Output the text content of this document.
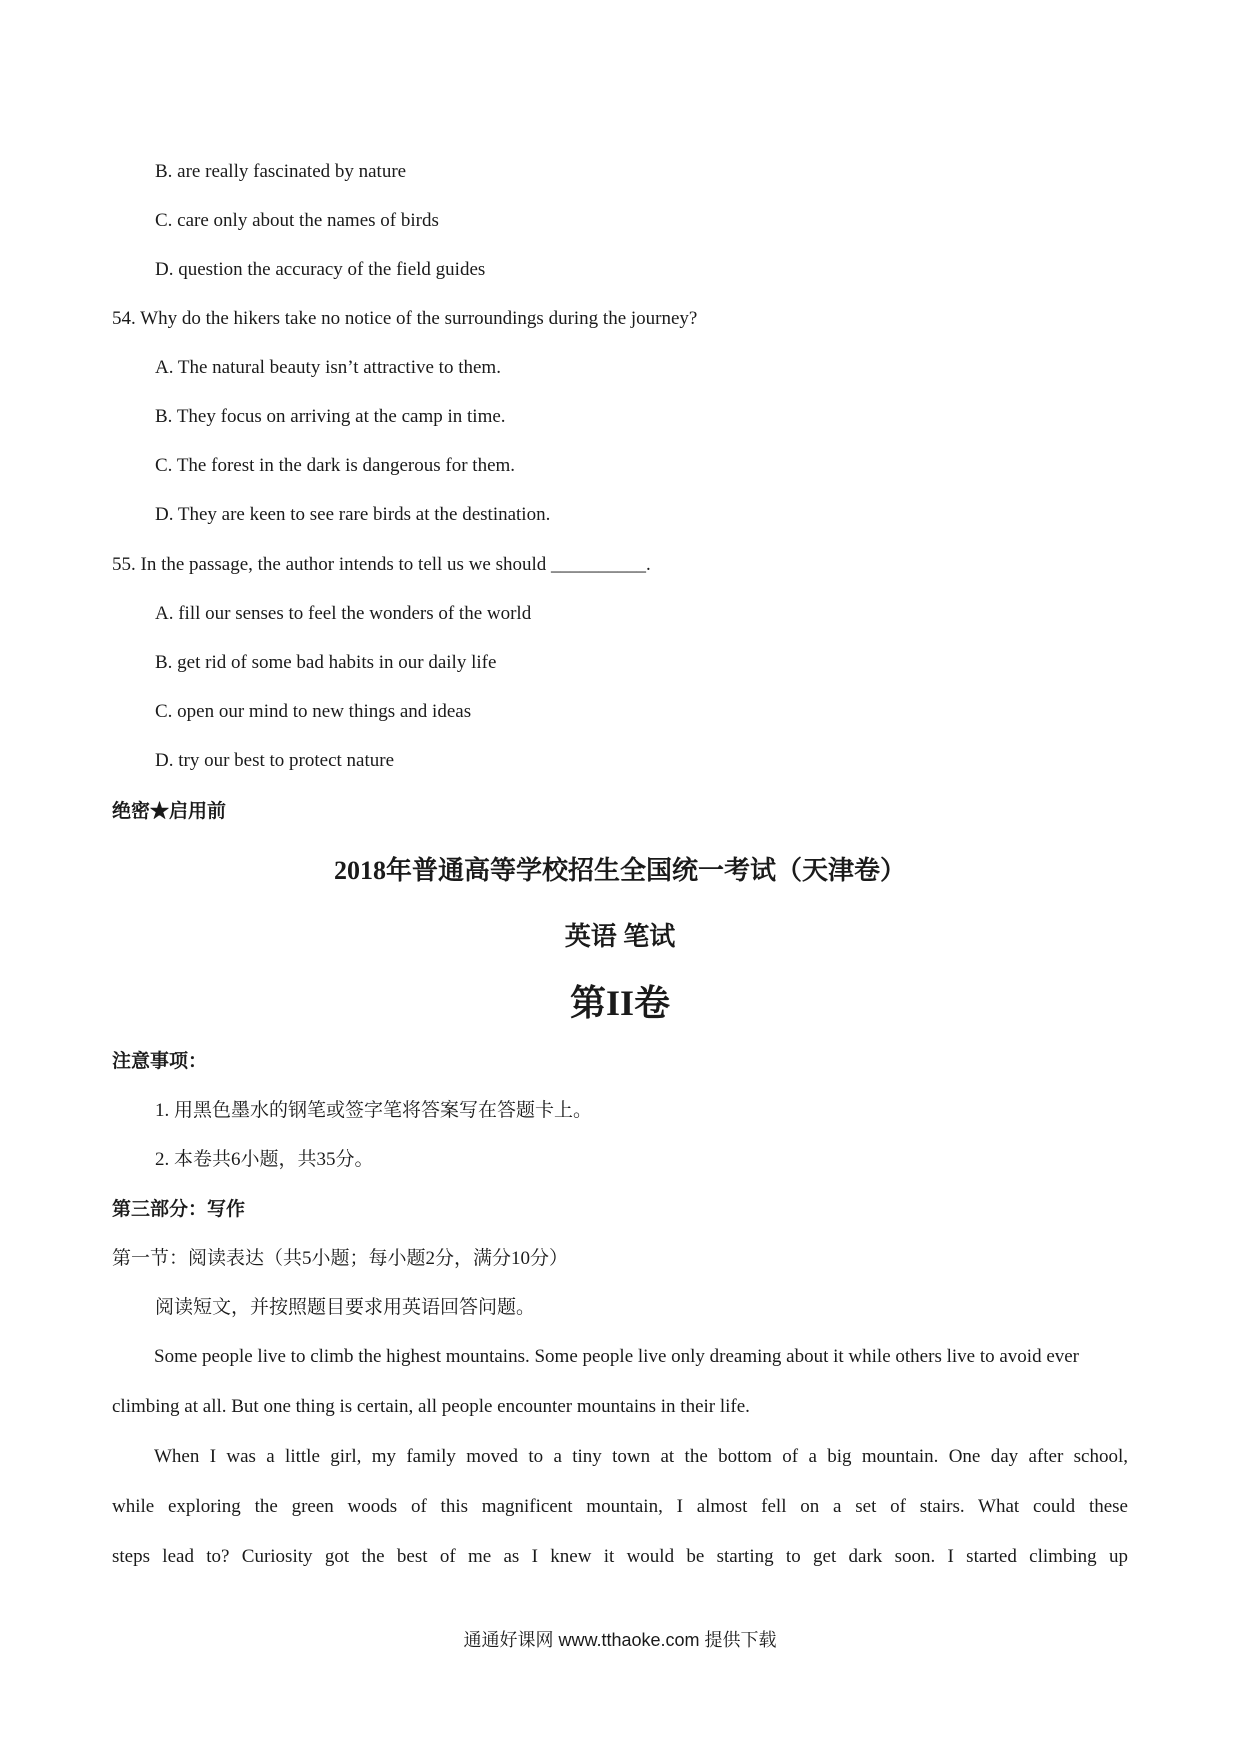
B. are really fascinated by nature
C. care only about the names of birds
D. question the accuracy of the field guides
54. Why do the hikers take no notice of the surroundings during the journey?
A. The natural beauty isn’t attractive to them.
B. They focus on arriving at the camp in time.
C. The forest in the dark is dangerous for them.
D. They are keen to see rare birds at the destination.
55. In the passage, the author intends to tell us we should __________.
A. fill our senses to feel the wonders of the world
B. get rid of some bad habits in our daily life
C. open our mind to new things and ideas
D. try our best to protect nature
绝密★启用前
2018年普通高等学校招生全国统一考试（天津卷）
英语 笔试
第II卷
注意事项：
1. 用黑色墨水的钢笔或签字笔将答案写在答题卡上。
2. 本卷共6小题，共35分。
第三部分：写作
第一节：阅读表达（共5小题；每小题2分，满分10分）
阅读短文，并按照题目要求用英语回答问题。
Some people live to climb the highest mountains. Some people live only dreaming about it while others live to avoid ever climbing at all. But one thing is certain, all people encounter mountains in their life.
When I was a little girl, my family moved to a tiny town at the bottom of a big mountain. One day after school,
while exploring the green woods of this magnificent mountain, I almost fell on a set of stairs. What could these
steps lead to? Curiosity got the best of me as I knew it would be starting to get dark soon. I started climbing up
通通好课网 www.tthaoke.com 提供下载
